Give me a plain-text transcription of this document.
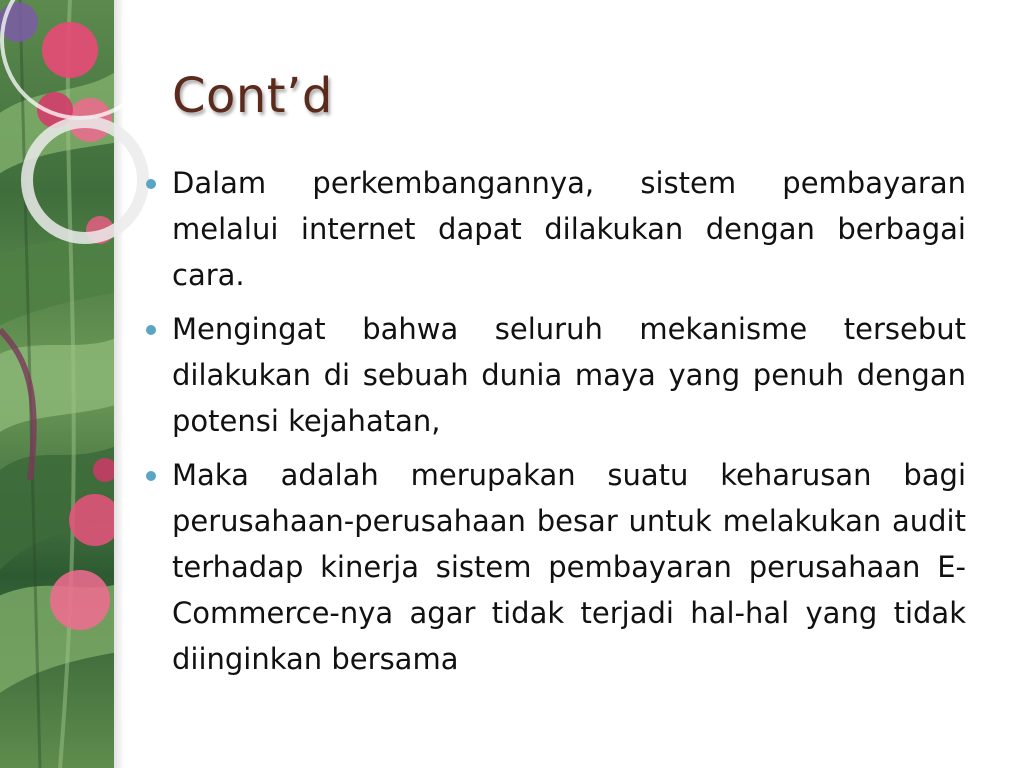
Cont’d
Dalam perkembangannya, sistem pembayaran melalui internet dapat dilakukan dengan berbagai cara.
Mengingat bahwa seluruh mekanisme tersebut dilakukan di sebuah dunia maya yang penuh dengan potensi kejahatan,
Maka adalah merupakan suatu keharusan bagi perusahaan-perusahaan besar untuk melakukan audit terhadap kinerja sistem pembayaran perusahaan E-Commerce-nya agar tidak terjadi hal-hal yang tidak diinginkan bersama
